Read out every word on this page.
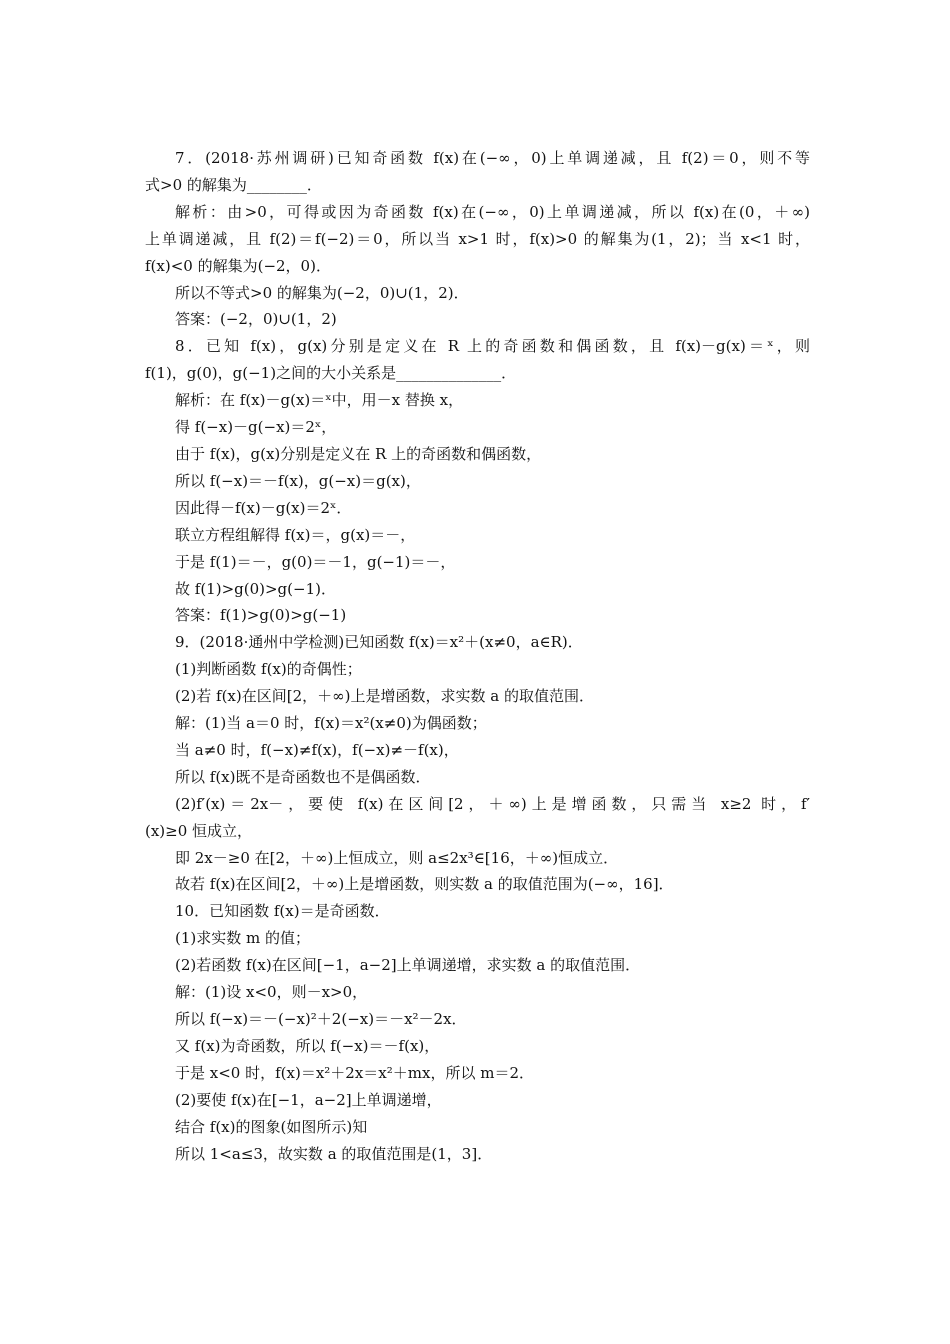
7．(2018·苏州调研)已知奇函数 f(x)在(−∞，0)上单调递减，且 f(2)＝0，则不等

式>0 的解集为________．

解析：由>0，可得或因为奇函数 f(x)在(−∞，0)上单调递减，所以 f(x)在(0，＋∞)

上单调递减，且 f(2)＝f(−2)＝0，所以当 x>1 时，f(x)>0 的解集为(1，2)；当 x<1 时，

f(x)<0 的解集为(−2，0)．

所以不等式>0 的解集为(−2，0)∪(1，2)．

答案：(−2，0)∪(1，2)

8．已知 f(x)，g(x)分别是定义在 R 上的奇函数和偶函数，且 f(x)－g(x)＝ˣ，则

f(1)，g(0)，g(−1)之间的大小关系是______________．

解析：在 f(x)－g(x)＝ˣ中，用－x 替换 x，

得 f(−x)－g(−x)＝2ˣ，

由于 f(x)，g(x)分别是定义在 R 上的奇函数和偶函数，

所以 f(−x)＝－f(x)，g(−x)＝g(x)，

因此得－f(x)－g(x)＝2ˣ．

联立方程组解得 f(x)＝，g(x)＝－，

于是 f(1)＝－，g(0)＝－1，g(−1)＝－，

故 f(1)>g(0)>g(−1)．

答案：f(1)>g(0)>g(−1)

9．(2018·通州中学检测)已知函数 f(x)＝x²＋(x≠0，a∈R)．

(1)判断函数 f(x)的奇偶性；

(2)若 f(x)在区间[2，＋∞)上是增函数，求实数 a 的取值范围．

解：(1)当 a＝0 时，f(x)＝x²(x≠0)为偶函数；

当 a≠0 时，f(−x)≠f(x)，f(−x)≠－f(x)，

所以 f(x)既不是奇函数也不是偶函数．

(2)f′(x)＝2x－，要使 f(x)在区间[2，＋∞)上是增函数，只需当 x≥2 时，f′

(x)≥0 恒成立，

即 2x－≥0 在[2，＋∞)上恒成立，则 a≤2x³∈[16，＋∞)恒成立．

故若 f(x)在区间[2，＋∞)上是增函数，则实数 a 的取值范围为(−∞，16]．

10．已知函数 f(x)＝是奇函数．

(1)求实数 m 的值；

(2)若函数 f(x)在区间[−1，a−2]上单调递增，求实数 a 的取值范围．

解：(1)设 x<0，则－x>0，

所以 f(−x)＝－(−x)²＋2(−x)＝－x²－2x．

又 f(x)为奇函数，所以 f(−x)＝－f(x)，

于是 x<0 时，f(x)＝x²＋2x＝x²＋mx，所以 m＝2．

(2)要使 f(x)在[−1，a−2]上单调递增，

结合 f(x)的图象(如图所示)知

所以 1<a≤3，故实数 a 的取值范围是(1，3]．
